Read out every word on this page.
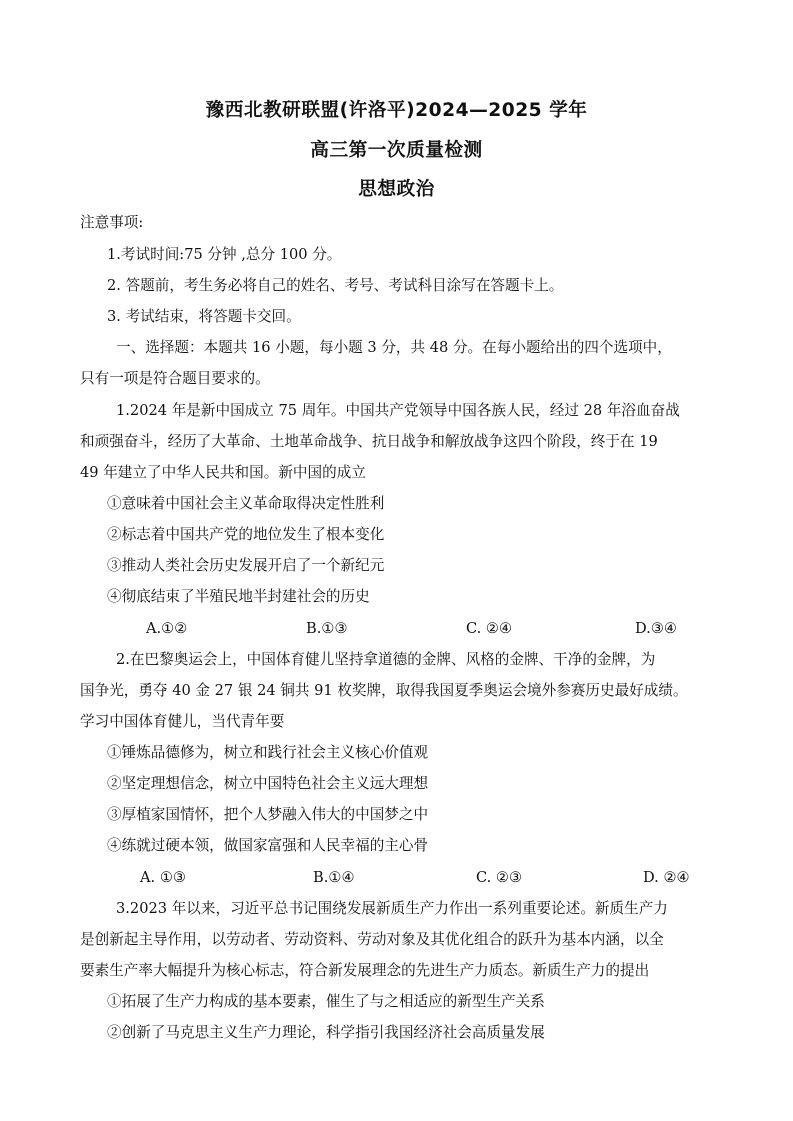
豫西北教研联盟(许洛平)2024—2025 学年
高三第一次质量检测
思想政治
注意事项:
1.考试时间:75 分钟 ,总分 100 分。
2. 答题前，考生务必将自己的姓名、考号、考试科目涂写在答题卡上。
3. 考试结束，将答题卡交回。
一、选择题：本题共 16 小题，每小题 3 分，共 48 分。在每小题给出的四个选项中，
只有一项是符合题目要求的。
1.2024 年是新中国成立 75 周年。中国共产党领导中国各族人民，经过 28 年浴血奋战
和顽强奋斗，经历了大革命、土地革命战争、抗日战争和解放战争这四个阶段，终于在 19
49 年建立了中华人民共和国。新中国的成立
①意味着中国社会主义革命取得决定性胜利
②标志着中国共产党的地位发生了根本变化
③推动人类社会历史发展开启了一个新纪元
④彻底结束了半殖民地半封建社会的历史
A.①②	B.①③	C. ②④	D.③④
2.在巴黎奥运会上，中国体育健儿坚持拿道德的金牌、风格的金牌、干净的金牌，为
国争光，勇夺 40 金 27 银 24 铜共 91 枚奖牌，取得我国夏季奥运会境外参赛历史最好成绩。
学习中国体育健儿，当代青年要
①锤炼品德修为，树立和践行社会主义核心价值观
②坚定理想信念，树立中国特色社会主义远大理想
③厚植家国情怀，把个人梦融入伟大的中国梦之中
④练就过硬本领，做国家富强和人民幸福的主心骨
A. ①③	B.①④	C. ②③	D. ②④
3.2023 年以来，习近平总书记围绕发展新质生产力作出一系列重要论述。新质生产力
是创新起主导作用，以劳动者、劳动资料、劳动对象及其优化组合的跃升为基本内涵，以全
要素生产率大幅提升为核心标志，符合新发展理念的先进生产力质态。新质生产力的提出
①拓展了生产力构成的基本要素，催生了与之相适应的新型生产关系
②创新了马克思主义生产力理论，科学指引我国经济社会高质量发展
